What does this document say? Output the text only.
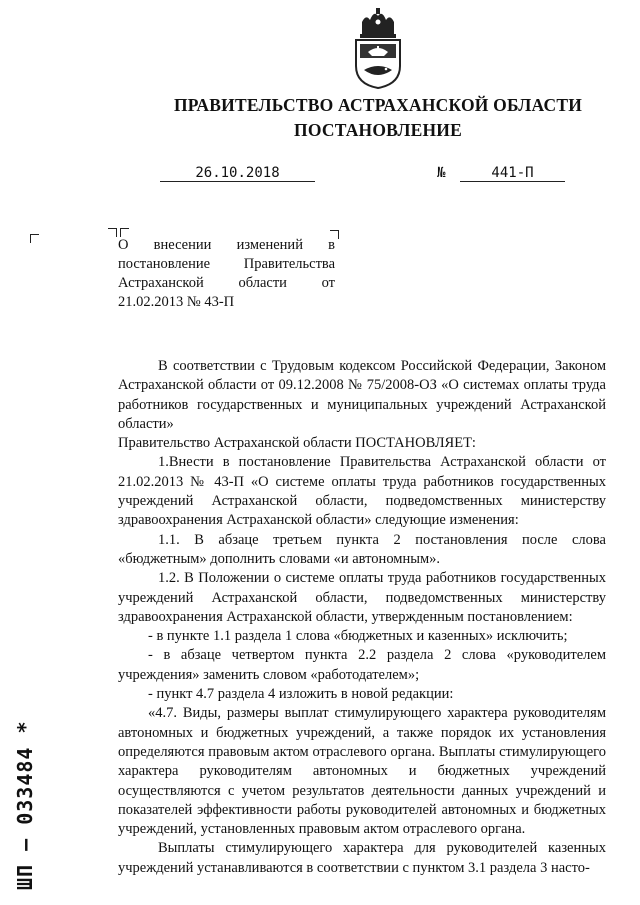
ПРАВИТЕЛЬСТВО АСТРАХАНСКОЙ ОБЛАСТИ
ПОСТАНОВЛЕНИЕ
26.10.2018	№	441-П
О внесении изменений в постановление Правительства Астраханской области от 21.02.2013 № 43-П

В соответствии с Трудовым кодексом Российской Федерации, Законом Астраханской области от 09.12.2008 № 75/2008-ОЗ «О системах оплаты труда работников государственных и муниципальных учреждений Астраханской области»

Правительство Астраханской области ПОСТАНОВЛЯЕТ:

1.Внести в постановление Правительства Астраханской области от 21.02.2013 № 43-П «О системе оплаты труда работников государственных учреждений Астраханской области, подведомственных министерству здравоохранения Астраханской области» следующие изменения:

1.1. В абзаце третьем пункта 2 постановления после слова «бюджетным» дополнить словами «и автономным».

1.2. В Положении о системе оплаты труда работников государственных учреждений Астраханской области, подведомственных министерству здравоохранения Астраханской области, утвержденным постановлением:

- в пункте 1.1 раздела 1 слова «бюджетных и казенных» исключить;

- в абзаце четвертом пункта 2.2 раздела 2 слова «руководителем учреждения» заменить словом «работодателем»;

- пункт 4.7 раздела 4 изложить в новой редакции:

«4.7. Виды, размеры выплат стимулирующего характера руководителям автономных и бюджетных учреждений, а также порядок их установления определяются правовым актом отраслевого органа. Выплаты стимулирующего характера руководителям автономных и бюджетных учреждений осуществляются с учетом результатов деятельности данных учреждений и показателей эффективности работы руководителей автономных и бюджетных учреждений, установленных правовым актом отраслевого органа.

Выплаты стимулирующего характера для руководителей казенных учреждений устанавливаются в соответствии с пунктом 3.1 раздела 3 насто-

ШП – 033484 *
